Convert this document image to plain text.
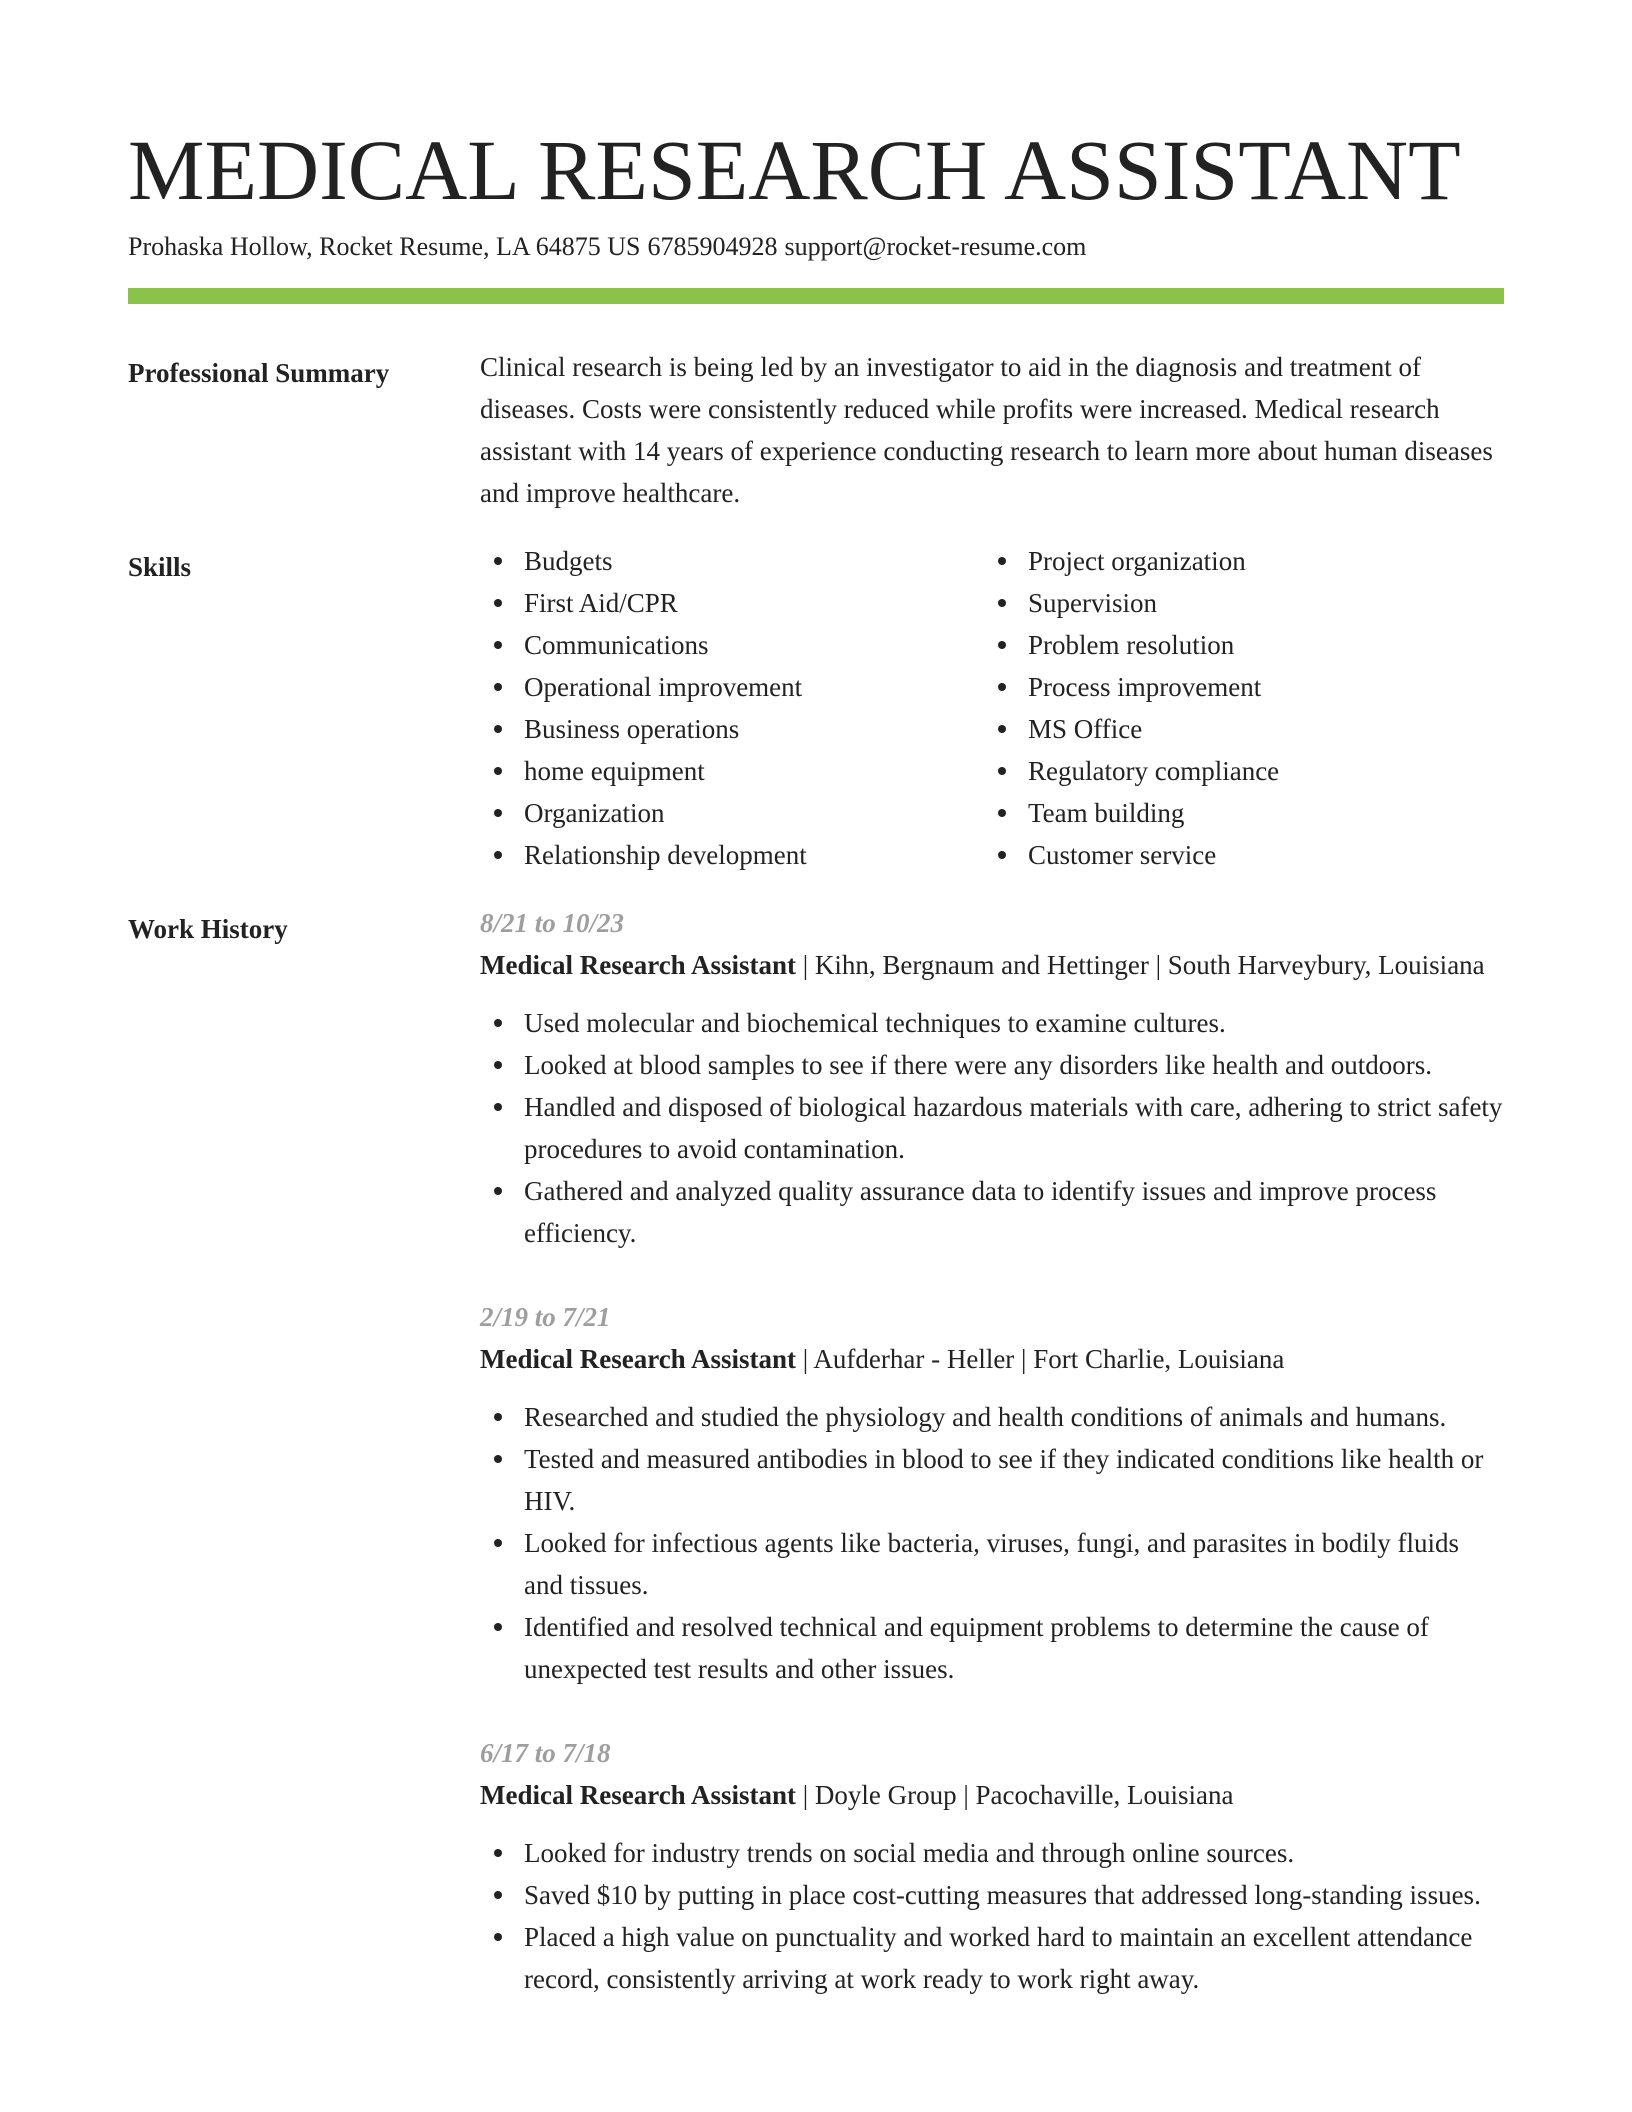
MEDICAL RESEARCH ASSISTANT
Prohaska Hollow, Rocket Resume, LA 64875 US 6785904928 support@rocket-resume.com
Professional Summary	Clinical research is being led by an investigator to aid in the diagnosis and treatment of diseases. Costs were consistently reduced while profits were increased. Medical research assistant with 14 years of experience conducting research to learn more about human diseases and improve healthcare.

Skills	Budgets
First Aid/CPR
Communications
Operational improvement
Business operations
home equipment
Organization
Relationship development
Project organization
Supervision
Problem resolution
Process improvement
MS Office
Regulatory compliance
Team building
Customer service
Work History	8/21 to 10/23
Medical Research Assistant | Kihn, Bergnaum and Hettinger | South Harveybury, Louisiana
Used molecular and biochemical techniques to examine cultures.
Looked at blood samples to see if there were any disorders like health and outdoors.
Handled and disposed of biological hazardous materials with care, adhering to strict safety procedures to avoid contamination.
Gathered and analyzed quality assurance data to identify issues and improve process efficiency.
2/19 to 7/21
Medical Research Assistant | Aufderhar - Heller | Fort Charlie, Louisiana
Researched and studied the physiology and health conditions of animals and humans.
Tested and measured antibodies in blood to see if they indicated conditions like health or HIV.
Looked for infectious agents like bacteria, viruses, fungi, and parasites in bodily fluids and tissues.
Identified and resolved technical and equipment problems to determine the cause of unexpected test results and other issues.
6/17 to 7/18
Medical Research Assistant | Doyle Group | Pacochaville, Louisiana
Looked for industry trends on social media and through online sources.
Saved $10 by putting in place cost-cutting measures that addressed long-standing issues.
Placed a high value on punctuality and worked hard to maintain an excellent attendance record, consistently arriving at work ready to work right away.
